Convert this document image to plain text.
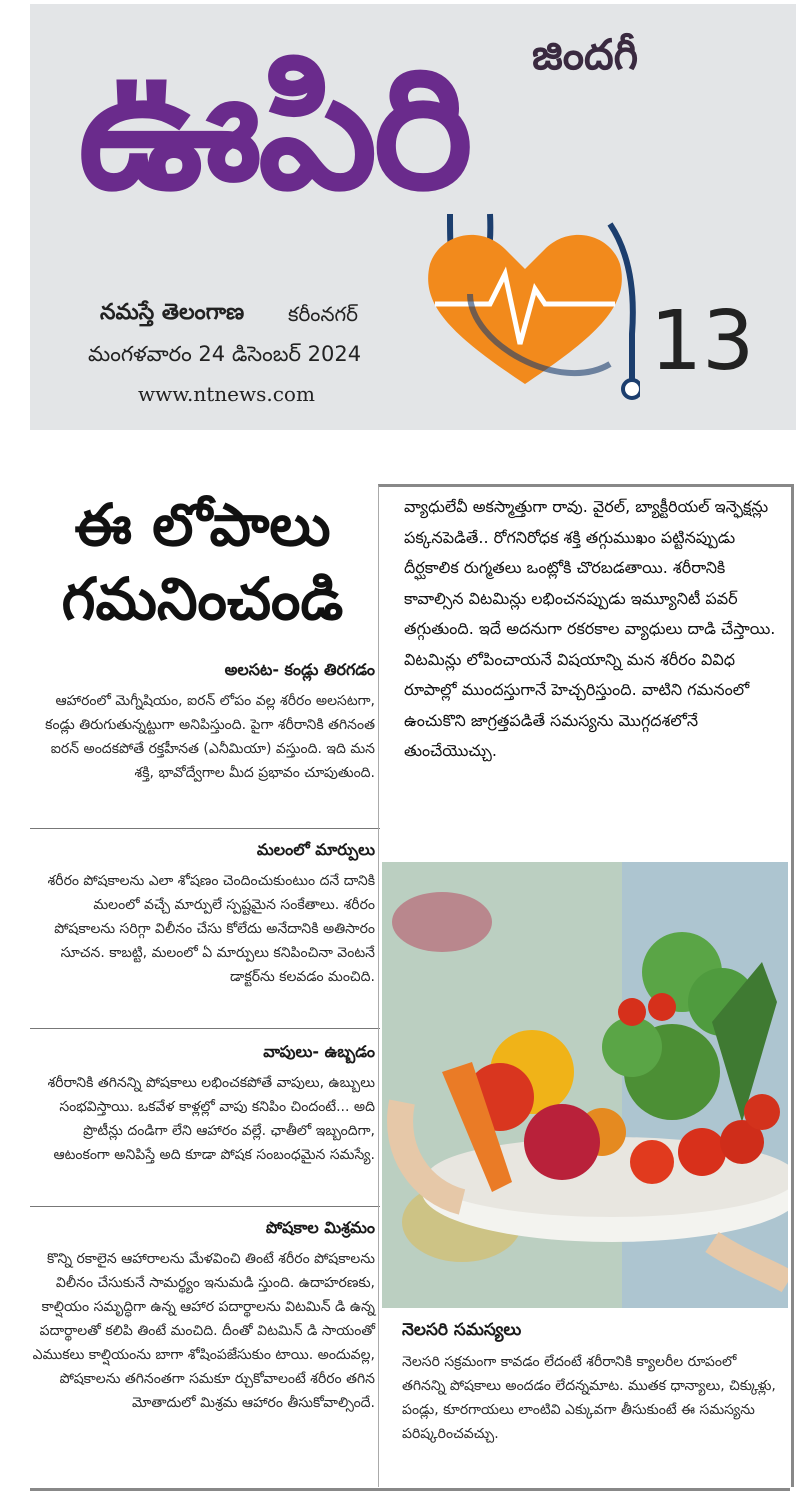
జిందగీ
ఊపిరి
నమస్తే తెలంగాణ కరీంనగర్
మంగళవారం 24 డిసెంబర్ 2024
www.ntnews.com
13
ఈ లోపాలు
గమనించండి
అలసట- కండ్లు తిరగడం
ఆహారంలో మెగ్నీషియం, ఐరన్ లోపం వల్ల శరీరం అలసటగా, కండ్లు తిరుగుతున్నట్టుగా అనిపిస్తుంది. పైగా శరీరానికి తగినంత ఐరన్ అందకపోతే రక్తహీనత (ఎనీమియా) వస్తుంది. ఇది మన శక్తి, భావోద్వేగాల మీద ప్రభావం చూపుతుంది.
మలంలో మార్పులు
శరీరం పోషకాలను ఎలా శోషణం చెందించుకుంటుం దనే దానికి మలంలో వచ్చే మార్పులే స్పష్టమైన సంకేతాలు. శరీరం పోషకాలను సరిగ్గా విలీనం చేసు కోలేదు అనేదానికి అతిసారం సూచన. కాబట్టి, మలంలో ఏ మార్పులు కనిపించినా వెంటనే డాక్టర్‌ను కలవడం మంచిది.
వాపులు- ఉబ్బడం
శరీరానికి తగినన్ని పోషకాలు లభించకపోతే వాపులు, ఉబ్బులు సంభవిస్తాయి. ఒకవేళ కాళ్లల్లో వాపు కనిపిం చిందంటే... అది ప్రొటీన్లు దండిగా లేని ఆహారం వల్లే. ఛాతీలో ఇబ్బందిగా, ఆటంకంగా అనిపిస్తే అది కూడా పోషక సంబంధమైన సమస్యే.
పోషకాల మిశ్రమం
కొన్ని రకాలైన ఆహారాలను మేళవించి తింటే శరీరం పోషకాలను విలీనం చేసుకునే సామర్థ్యం ఇనుమడి స్తుంది. ఉదాహరణకు, కాల్షియం సమృద్ధిగా ఉన్న ఆహార పదార్థాలను విటమిన్ డి ఉన్న పదార్థాలతో కలిపి తింటే మంచిది. దీంతో విటమిన్ డి సాయంతో ఎముకలు కాల్షియంను బాగా శోషింపజేసుకుం టాయి. అందువల్ల, పోషకాలను తగినంతగా సమకూ ర్చుకోవాలంటే శరీరం తగిన మోతాదులో మిశ్రమ ఆహారం తీసుకోవాల్సిందే.
వ్యాధులేవీ అకస్మాత్తుగా రావు. వైరల్, బ్యాక్టీరియల్ ఇన్ఫెక్షన్లు పక్కనపెడితే.. రోగనిరోధక శక్తి తగ్గుముఖం పట్టినప్పుడు దీర్ఘకాలిక రుగ్మతలు ఒంట్లోకి చొరబడతాయి. శరీరానికి కావాల్సిన విటమిన్లు లభించనప్పుడు ఇమ్యూనిటీ పవర్ తగ్గుతుంది. ఇదే అదనుగా రకరకాల వ్యాధులు దాడి చేస్తాయి. విటమిన్లు లోపించాయనే విషయాన్ని మన శరీరం వివిధ రూపాల్లో ముందస్తుగానే హెచ్చరిస్తుంది. వాటిని గమనంలో ఉంచుకొని జాగ్రత్తపడితే సమస్యను మొగ్గదశలోనే తుంచేయొచ్చు.
నెలసరి సమస్యలు
నెలసరి సక్రమంగా కావడం లేదంటే శరీరానికి క్యాలరీల రూపంలో తగినన్ని పోషకాలు అందడం లేదన్నమాట. ముతక ధాన్యాలు, చిక్కుళ్లు, పండ్లు, కూరగాయలు లాంటివి ఎక్కువగా తీసుకుంటే ఈ సమస్యను పరిష్కరించవచ్చు.
